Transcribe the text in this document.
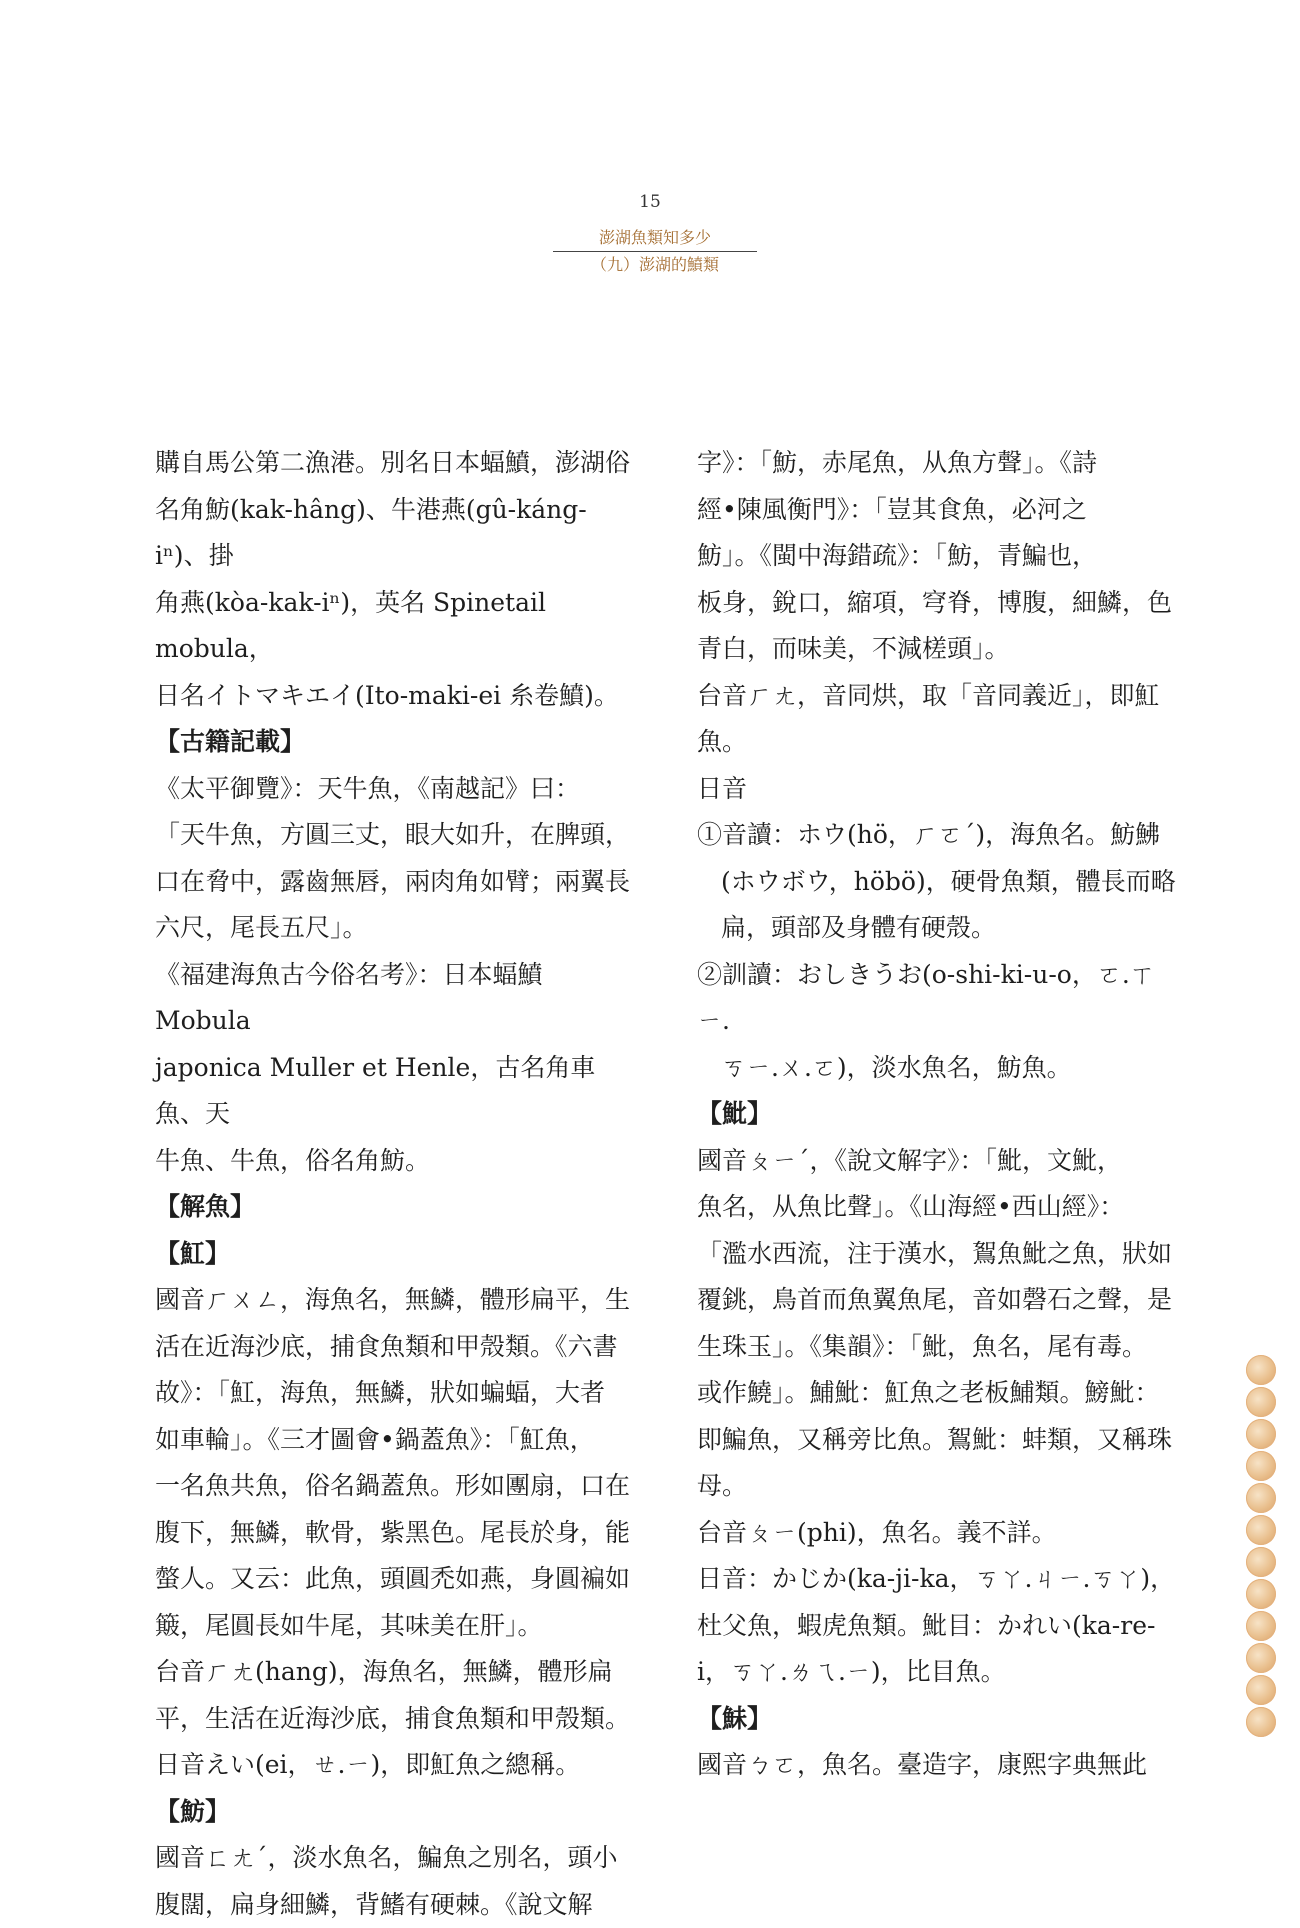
15
澎湖魚類知多少
（九）澎湖的鱝類

購自馬公第二漁港。別名日本蝠鱝，澎湖俗

名角魴(kak-hâng)、牛港燕(gû-káng-iⁿ)、掛

角燕(kòa-kak-iⁿ)，英名 Spinetail mobula，

日名イトマキエイ(Ito-maki-ei 糸卷鱝)。

【古籍記載】

《太平御覽》：天牛魚，《南越記》曰：

「天牛魚，方圓三丈，眼大如升，在脾頭，

口在脅中，露齒無唇，兩肉角如臂；兩翼長

六尺，尾長五尺」。

《福建海魚古今俗名考》：日本蝠鱝 Mobula

japonica Muller et Henle，古名角車魚、天

牛魚、牛魚，俗名角魴。

【解魚】

【魟】

國音ㄏㄨㄥ，海魚名，無鱗，體形扁平，生

活在近海沙底，捕食魚類和甲殼類。《六書

故》：「魟，海魚，無鱗，狀如蝙蝠，大者

如車輪」。《三才圖會•鍋蓋魚》：「魟魚，

一名魚共魚，俗名鍋蓋魚。形如團扇，口在

腹下，無鱗，軟骨，紫黑色。尾長於身，能

螫人。又云：此魚，頭圓禿如燕，身圓褊如

簸，尾圓長如牛尾，其味美在肝」。

台音ㄏㄤ(hang)，海魚名，無鱗，體形扁

平，生活在近海沙底，捕食魚類和甲殼類。

日音えい(ei，ㄝ.ㄧ)，即魟魚之總稱。

【魴】

國音ㄈㄤˊ，淡水魚名，鯿魚之別名，頭小

腹闊，扁身細鱗，背鰭有硬棘。《說文解

字》：「魴，赤尾魚，从魚方聲」。《詩

經•陳風衡門》：「豈其食魚，必河之

魴」。《閩中海錯疏》：「魴，青鯿也，

板身，銳口，縮項，穹脊，博腹，細鱗，色

青白，而味美，不減槎頭」。

台音ㄏㄤ，音同烘，取「音同義近」，即魟

魚。

日音

①音讀：ホウ(hö，ㄏㄛˊ)，海魚名。魴鮄

(ホウボウ，höbö)，硬骨魚類，體長而略

扁，頭部及身體有硬殼。

②訓讀：おしきうお(o-shi-ki-u-o，ㄛ.ㄒㄧ.

ㄎㄧ.ㄨ.ㄛ)，淡水魚名，魴魚。

【魮】

國音ㄆㄧˊ，《說文解字》：「魮，文魮，

魚名，从魚比聲」。《山海經•西山經》：

「濫水西流，注于漢水，鴽魚魮之魚，狀如

覆銚，鳥首而魚翼魚尾，音如磬石之聲，是

生珠玉」。《集韻》：「魮，魚名，尾有毒。

或作鱙」。鯆魮：魟魚之老板鯆類。鰟魮：

即鯿魚，又稱旁比魚。鴽魮：蚌類，又稱珠

母。

台音ㄆㄧ(phi)，魚名。義不詳。

日音：かじか(ka-ji-ka，ㄎㄚ.ㄐㄧ.ㄎㄚ)，

杜父魚，蝦虎魚類。魮目：かれい(ka-re-

i，ㄎㄚ.ㄌㄟ.ㄧ)，比目魚。

【鮇】

國音ㄅㄛ，魚名。臺造字，康熙字典無此
